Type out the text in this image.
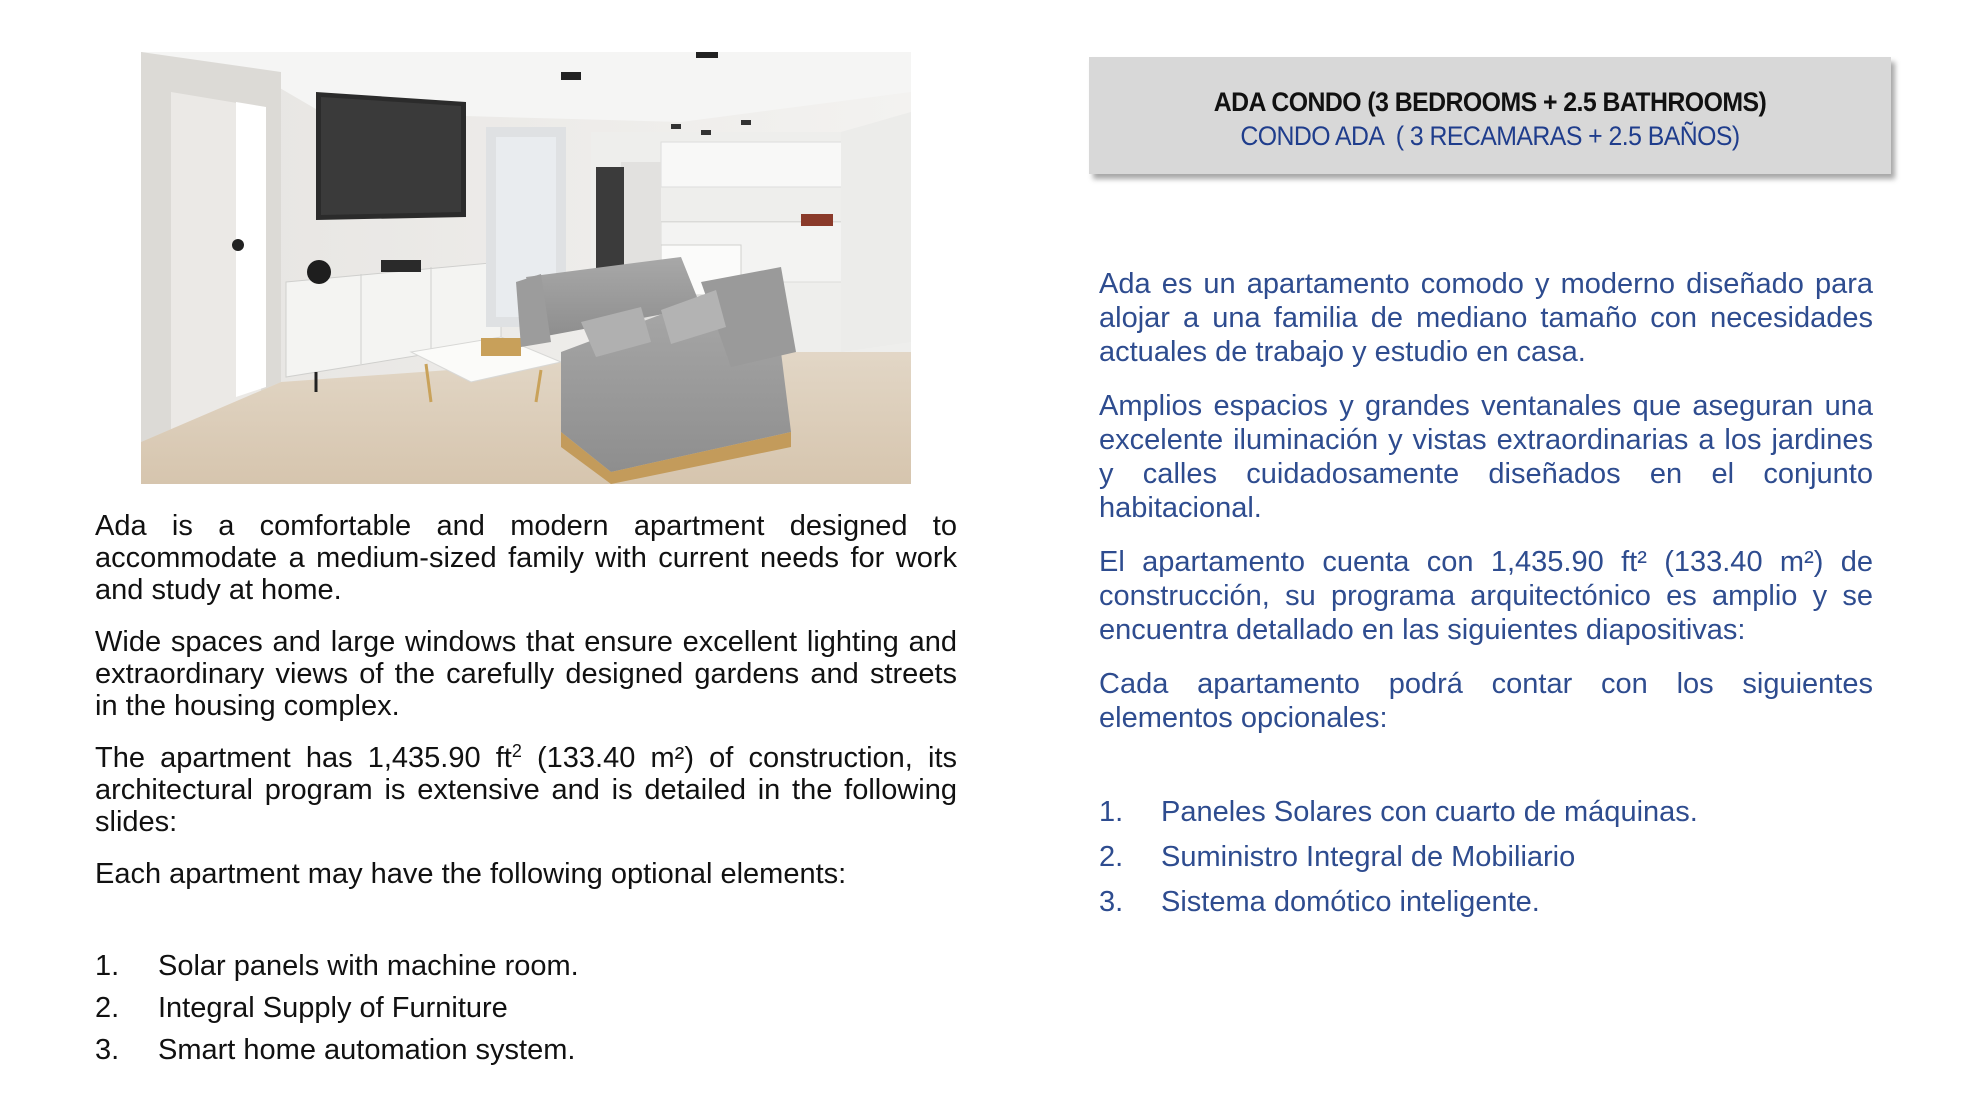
Ada is a comfortable and modern apartment designed to accommodate a medium-sized family with current needs for work and study at home.

Wide spaces and large windows that ensure excellent lighting and extraordinary views of the carefully designed gardens and streets in the housing complex.

The apartment has 1,435.90 $ft^2$ (133.40 m²) of construction, its architectural program is extensive and is detailed in the following slides:

Each apartment may have the following optional elements:

1.	Solar panels with machine room.
2.	Integral Supply of Furniture
3.	Smart home automation system.
ADA CONDO (3 BEDROOMS + 2.5 BATHROOMS)
CONDO ADA  ( 3 RECAMARAS + 2.5 BAÑOS)

Ada es un apartamento comodo y moderno diseñado para alojar a una familia de mediano tamaño con necesidades actuales de trabajo y estudio en casa.

Amplios espacios y grandes ventanales que aseguran una excelente iluminación y vistas extraordinarias a los jardines y calles cuidadosamente diseñados en el conjunto habitacional.

El apartamento cuenta con 1,435.90 ft² (133.40 m²) de construcción, su programa arquitectónico es amplio y se encuentra detallado en las siguientes diapositivas:

Cada apartamento podrá contar con los siguientes elementos opcionales:

1.	Paneles Solares con cuarto de máquinas.
2.	Suministro Integral de Mobiliario
3.	Sistema domótico inteligente.
